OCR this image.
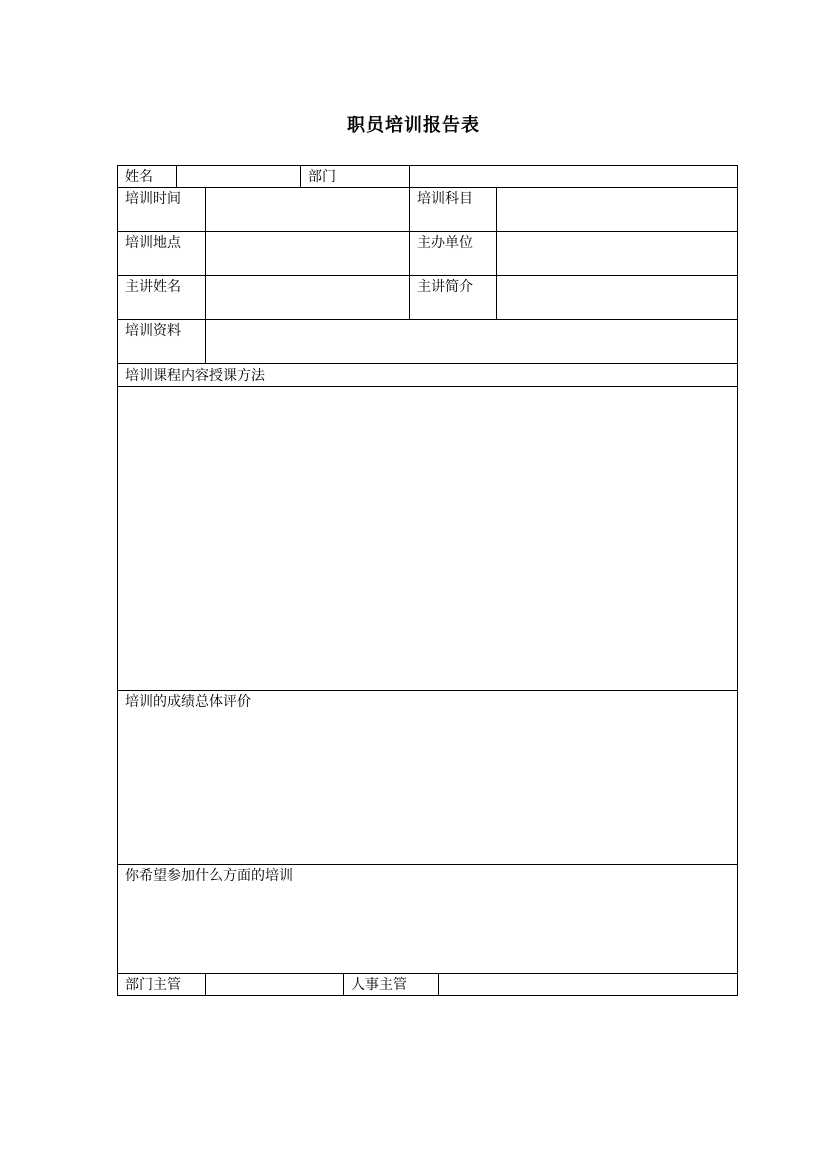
职员培训报告表
姓名	部门
培训时间	培训科目
培训地点	主办单位
主讲姓名	主讲简介
培训资料
培训课程内容授课方法
培训的成绩总体评价
你希望参加什么方面的培训
部门主管	人事主管
